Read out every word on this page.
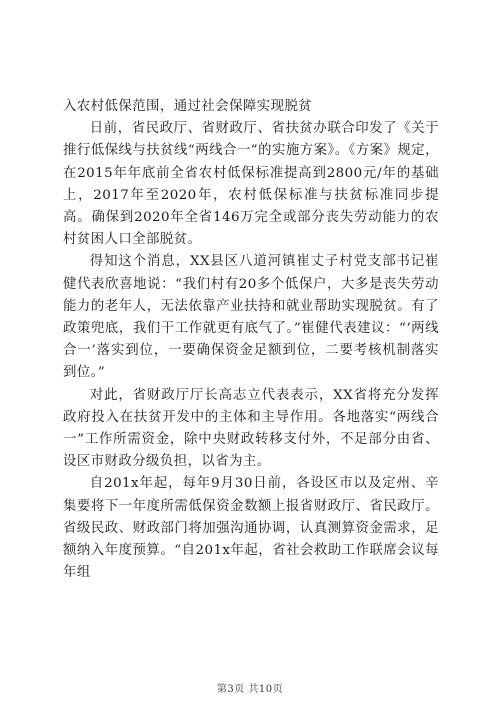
入农村低保范围，通过社会保障实现脱贫

日前，省民政厅、省财政厅、省扶贫办联合印发了《关于推行低保线与扶贫线“两线合一”的实施方案》。《方案》规定，在2015年年底前全省农村低保标准提高到2800元/年的基础上，2017年至2020年，农村低保标准与扶贫标准同步提高。确保到2020年全省146万完全或部分丧失劳动能力的农村贫困人口全部脱贫。

得知这个消息，XX县区八道河镇崔丈子村党支部书记崔健代表欣喜地说：“我们村有20多个低保户，大多是丧失劳动能力的老年人，无法依靠产业扶持和就业帮助实现脱贫。有了政策兜底，我们干工作就更有底气了。”崔健代表建议：“‘两线合一’落实到位，一要确保资金足额到位，二要考核机制落实到位。”

对此，省财政厅厅长高志立代表表示，XX省将充分发挥政府投入在扶贫开发中的主体和主导作用。各地落实“两线合一”工作所需资金，除中央财政转移支付外，不足部分由省、设区市财政分级负担，以省为主。

自201x年起，每年9月30日前，各设区市以及定州、辛集要将下一年度所需低保资金数额上报省财政厅、省民政厅。省级民政、财政部门将加强沟通协调，认真测算资金需求，足额纳入年度预算。“自201x年起，省社会救助工作联席会议每年组

第3页 共10页
